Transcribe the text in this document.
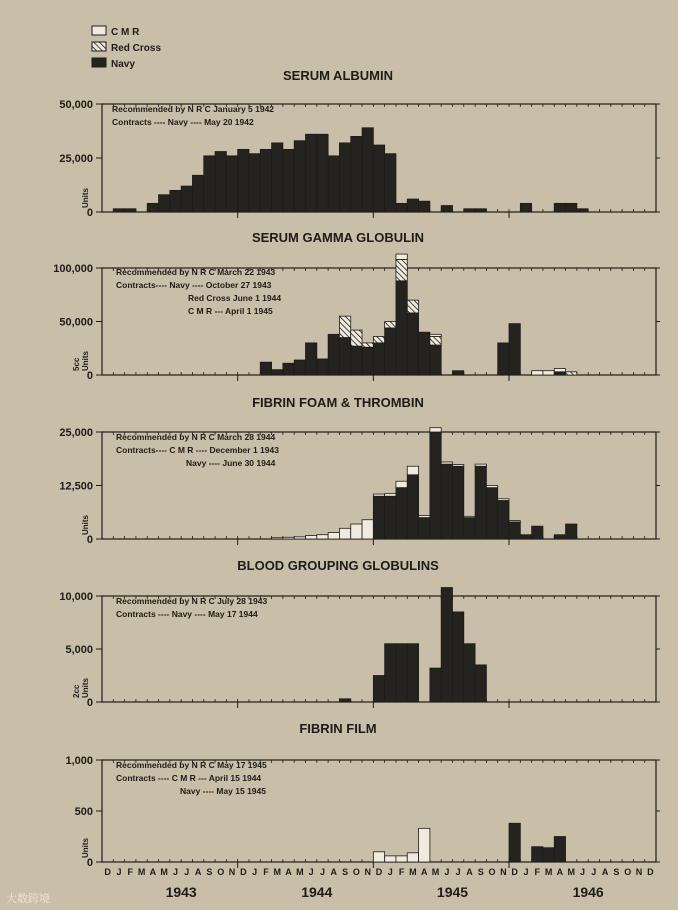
C M R
Red Cross
Navy
SERUM ALBUMIN
0
25,000
50,000
Units
Recommended by N R C January 5 1942
Contracts ---- Navy ---- May 20 1942
SERUM GAMMA GLOBULIN
0
50,000
100,000
Units
5cc
Recommended by N R C March 22 1943
Contracts---- Navy ---- October 27 1943
Red Cross June 1 1944
C M R --- April 1 1945
FIBRIN FOAM & THROMBIN
0
12,500
25,000
Units
Recommended by N R C March 28 1944
Contracts---- C M R ---- December 1 1943
Navy ---- June 30 1944
BLOOD GROUPING GLOBULINS
0
5,000
10,000
Units
2cc
Recommended by N R C July 28 1943
Contracts ---- Navy ---- May 17 1944
FIBRIN FILM
0
500
1,000
Units
Recommended by N R C May 17 1945
Contracts ---- C M R --- April 15 1944
Navy ---- May 15 1945
D J F M A M J J A S O N D J F M A M J J A S O N D J F M A M J J A S O N D J F M A M J J A S O N D
1943	1944	1945	1946
大数跨境
